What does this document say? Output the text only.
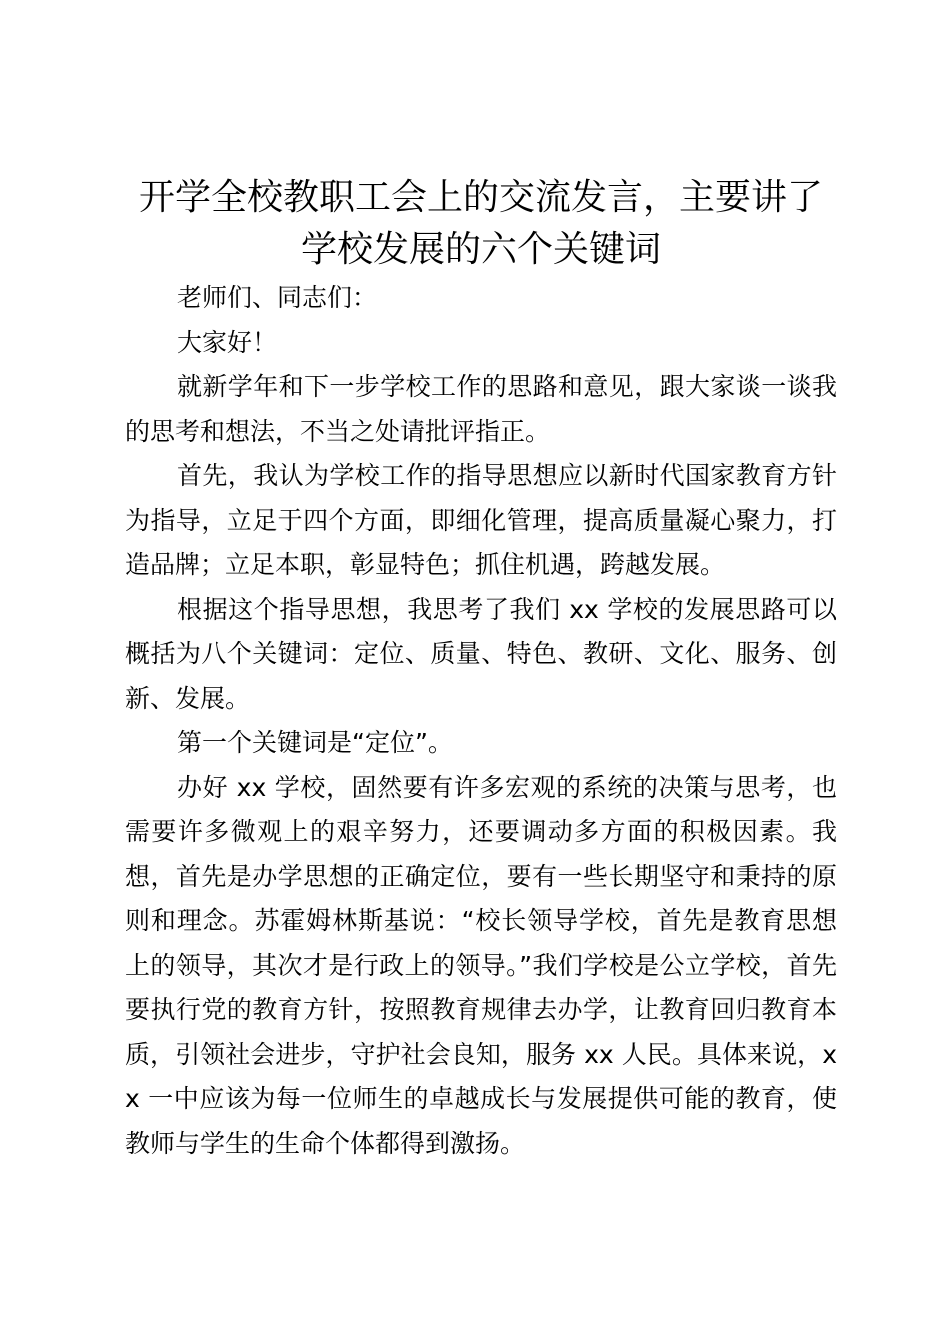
开学全校教职工会上的交流发言，主要讲了学校发展的六个关键词

老师们、同志们：

大家好！

就新学年和下一步学校工作的思路和意见，跟大家谈一谈我的思考和想法，不当之处请批评指正。

首先，我认为学校工作的指导思想应以新时代国家教育方针为指导，立足于四个方面，即细化管理，提高质量凝心聚力，打造品牌；立足本职，彰显特色；抓住机遇，跨越发展。

根据这个指导思想，我思考了我们 xx 学校的发展思路可以概括为八个关键词：定位、质量、特色、教研、文化、服务、创新、发展。

第一个关键词是“定位”。

办好 xx 学校，固然要有许多宏观的系统的决策与思考，也需要许多微观上的艰辛努力，还要调动多方面的积极因素。我想，首先是办学思想的正确定位，要有一些长期坚守和秉持的原则和理念。苏霍姆林斯基说：“校长领导学校，首先是教育思想上的领导，其次才是行政上的领导。”我们学校是公立学校，首先要执行党的教育方针，按照教育规律去办学，让教育回归教育本质，引领社会进步，守护社会良知，服务 xx 人民。具体来说，xx 一中应该为每一位师生的卓越成长与发展提供可能的教育，使教师与学生的生命个体都得到激扬。
